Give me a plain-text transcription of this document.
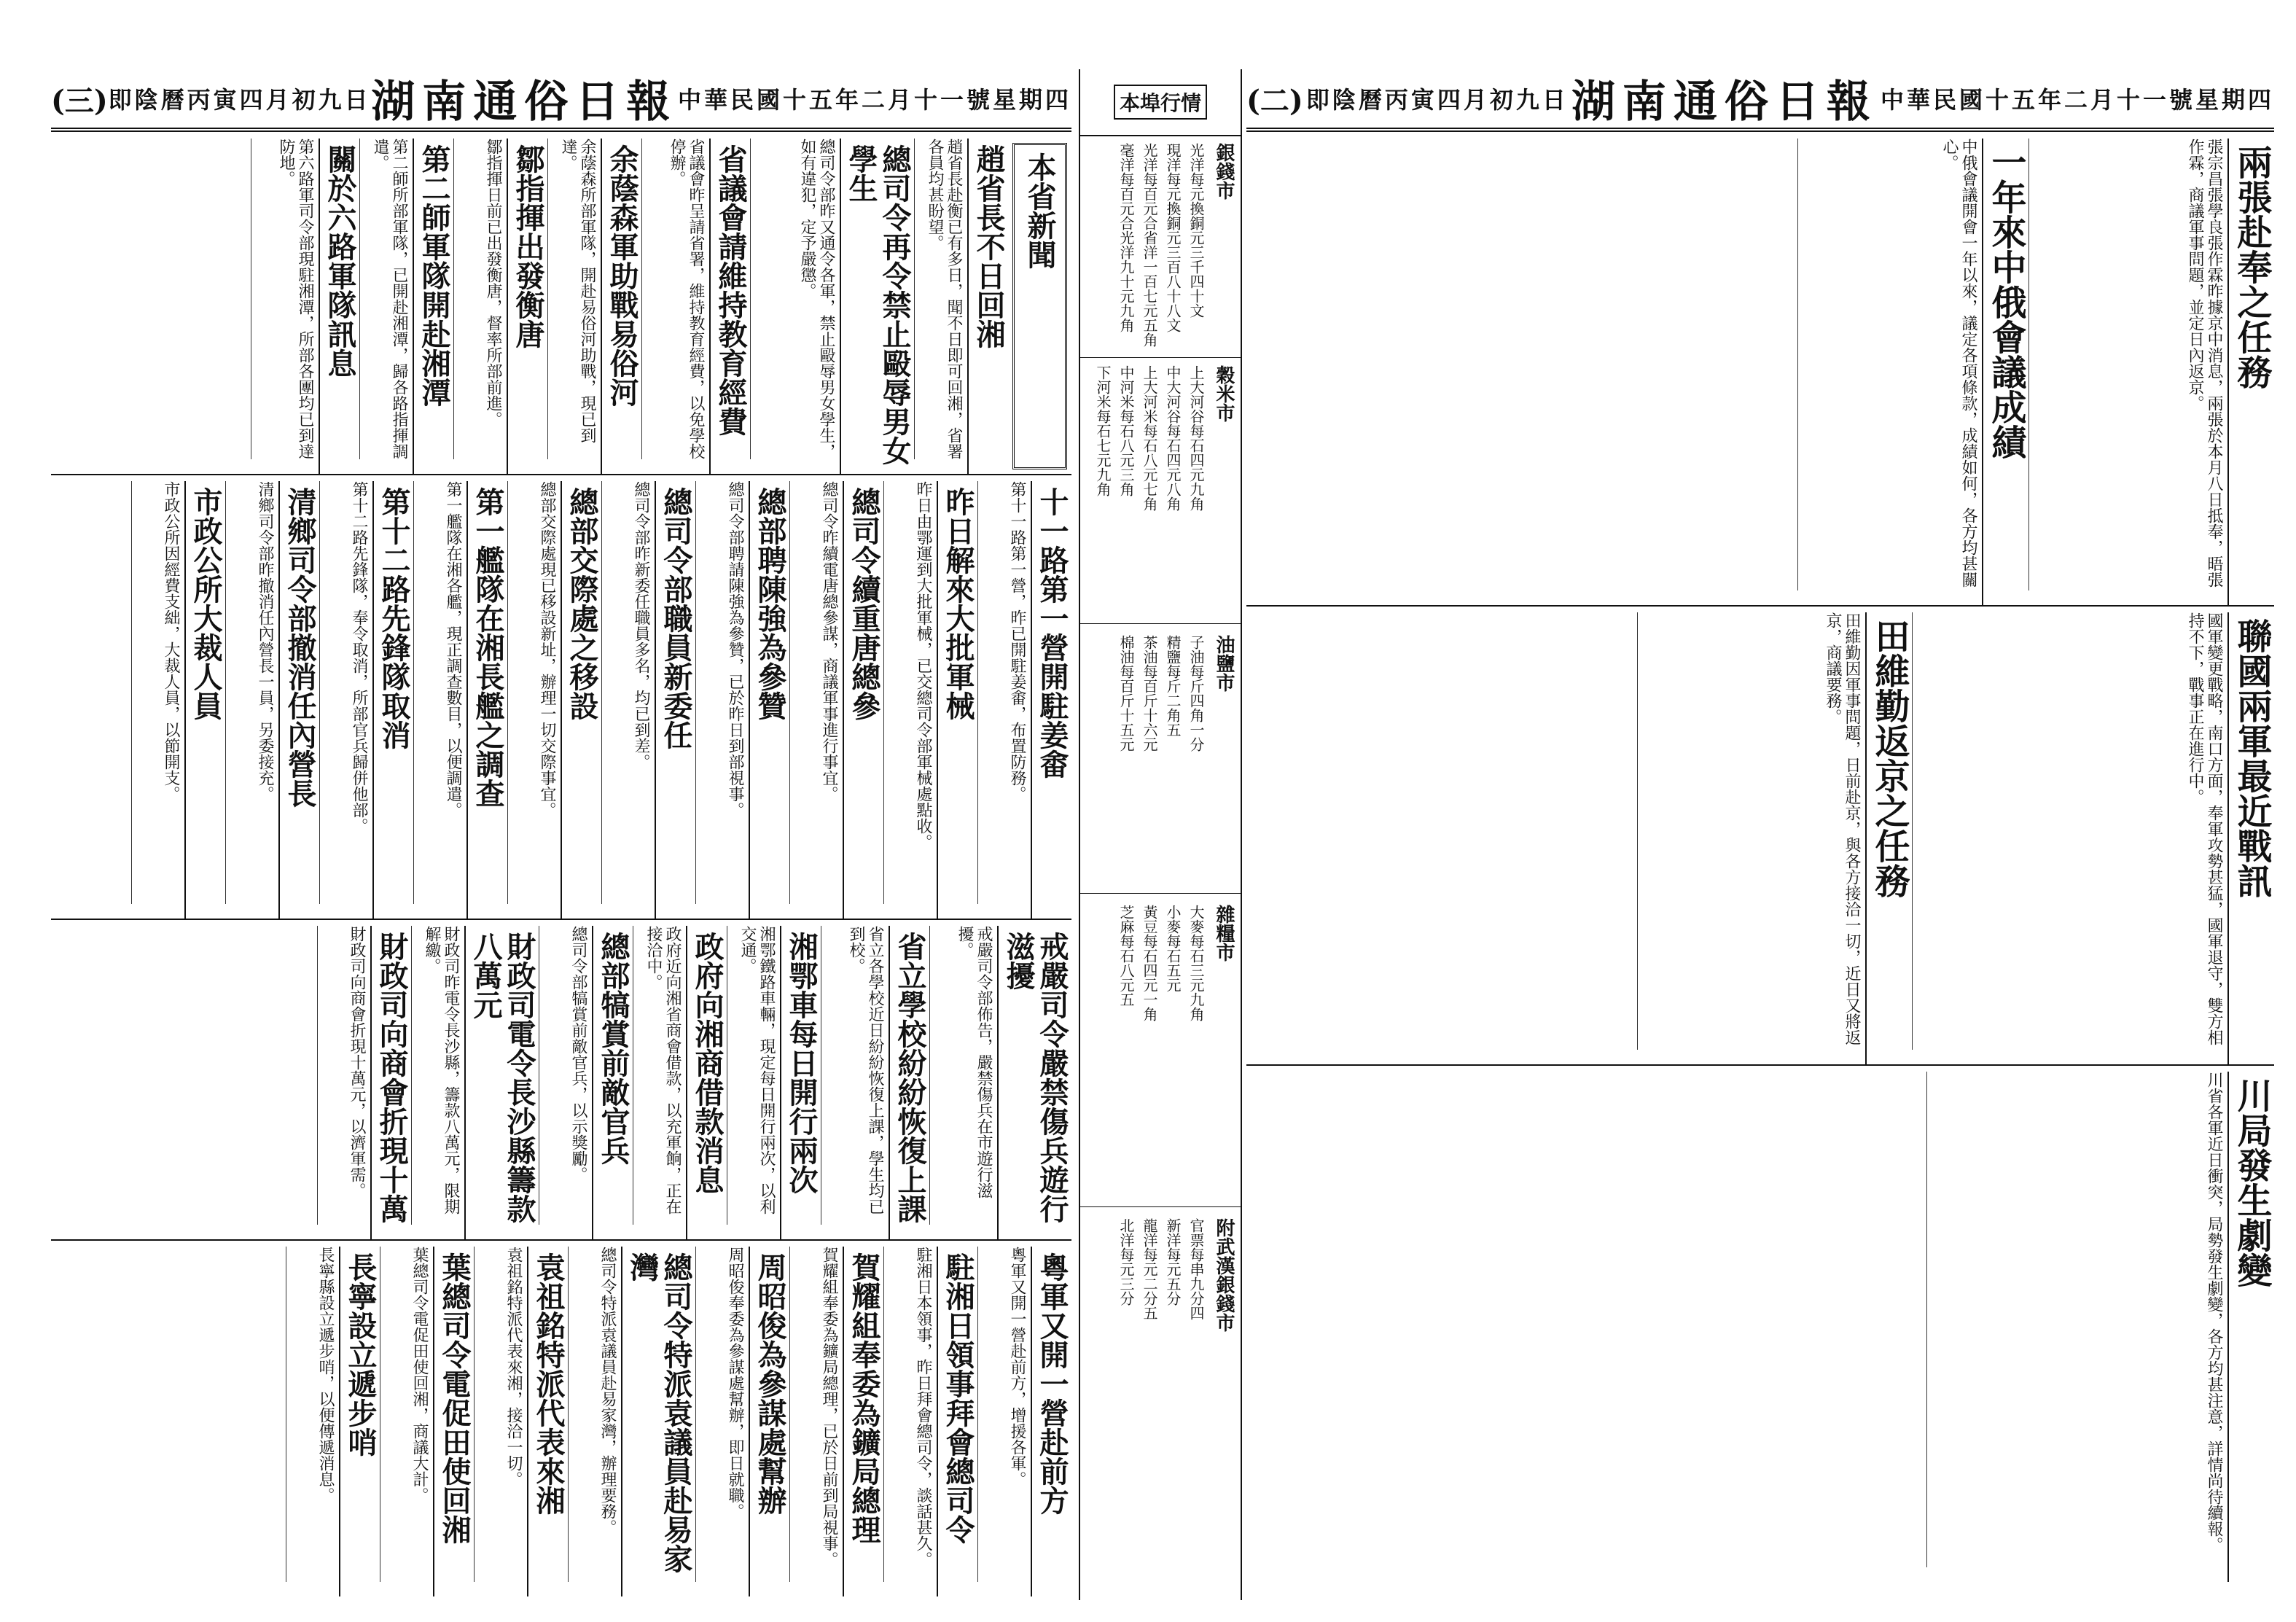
中華民國十五年二月十一號星期四
湖南通俗日報
即陰曆丙寅四月初九日
(二)
兩張赴奉之任務
張宗昌張學良張作霖昨據京中消息，兩張於本月八日抵奉，晤張作霖，商議軍事問題，並定日內返京。
一年來中俄會議成績
中俄會議開會一年以來，議定各項條款，成績如何，各方均甚關心。
聯國兩軍最近戰訊
國軍變更戰略，南口方面，奉軍攻勢甚猛，國軍退守，雙方相持不下，戰事正在進行中。
田維勤返京之任務
田維勤因軍事問題，日前赴京，與各方接洽一切，近日又將返京，商議要務。
川局發生劇變
川省各軍近日衝突，局勢發生劇變，各方均甚注意，詳情尚待續報。
本埠行情
銀錢市
光洋每元換銅元三千四十文
現洋每元換銅元三百八十八文
光洋每百元合省洋一百七元五角
毫洋每百元合光洋九十元九角
穀米市
上大河谷每石四元九角
中大河谷每石四元八角
上大河米每石八元七角
中河米每石八元三角
下河米每石七元九角
油鹽市
子油每斤四角一分
精鹽每斤二角五
茶油每百斤十六元
棉油每百斤十五元
雜糧市
大麥每石三元九角
小麥每石五元
黃豆每石四元一角
芝麻每石八元五
附武漢銀錢市
官票每串九分四
新洋每元五分
龍洋每元二分五
北洋每元三分
中華民國十五年二月十一號星期四
湖南通俗日報
即陰曆丙寅四月初九日
(三)
本省新聞
趙省長不日回湘
趙省長赴衡已有多日，聞不日即可回湘，省署各員均甚盼望。
總司令再令禁止毆辱男女學生
總司令部昨又通令各軍，禁止毆辱男女學生，如有違犯，定予嚴懲。
省議會請維持教育經費
省議會昨呈請省署，維持教育經費，以免學校停辦。
余蔭森軍助戰易俗河
余蔭森所部軍隊，開赴易俗河助戰，現已到達。
鄒指揮出發衡唐
鄒指揮日前已出發衡唐，督率所部前進。
第二師軍隊開赴湘潭
第二師所部軍隊，已開赴湘潭，歸各路指揮調遣。
關於六路軍隊訊息
第六路軍司令部現駐湘潭，所部各團均已到達防地。
十一路第一營開駐姜畬
第十一路第一營，昨已開駐姜畬，布置防務。
昨日解來大批軍械
昨日由鄂運到大批軍械，已交總司令部軍械處點收。
總司令續重唐總參
總司令昨續電唐總參謀，商議軍事進行事宜。
總部聘陳強為參贊
總司令部聘請陳強為參贊，已於昨日到部視事。
總司令部職員新委任
總司令部昨新委任職員多名，均已到差。
總部交際處之移設
總部交際處現已移設新址，辦理一切交際事宜。
第一艦隊在湘長艦之調查
第一艦隊在湘各艦，現正調查數目，以便調遣。
第十二路先鋒隊取消
第十二路先鋒隊，奉令取消，所部官兵歸併他部。
清鄉司令部撤消任內營長
清鄉司令部昨撤消任內營長一員，另委接充。
市政公所大裁人員
市政公所因經費支絀，大裁人員，以節開支。
戒嚴司令嚴禁傷兵遊行滋擾
戒嚴司令部佈告，嚴禁傷兵在市遊行滋擾。
省立學校紛紛恢復上課
省立各學校近日紛紛恢復上課，學生均已到校。
湘鄂車每日開行兩次
湘鄂鐵路車輛，現定每日開行兩次，以利交通。
政府向湘商借款消息
政府近向湘省商會借款，以充軍餉，正在接洽中。
總部犒賞前敵官兵
總司令部犒賞前敵官兵，以示獎勵。
財政司電令長沙縣籌款八萬元
財政司昨電令長沙縣，籌款八萬元，限期解繳。
財政司向商會折現十萬
財政司向商會折現十萬元，以濟軍需。
粵軍又開一營赴前方
粵軍又開一營赴前方，增援各軍。
駐湘日領事拜會總司令
駐湘日本領事，昨日拜會總司令，談話甚久。
賀耀組奉委為鑛局總理
賀耀組奉委為鑛局總理，已於日前到局視事。
周昭俊為參謀處幫辦
周昭俊奉委為參謀處幫辦，即日就職。
總司令特派袁議員赴易家灣
總司令特派袁議員赴易家灣，辦理要務。
袁祖銘特派代表來湘
袁祖銘特派代表來湘，接洽一切。
葉總司令電促田使回湘
葉總司令電促田使回湘，商議大計。
長寧設立遞步哨
長寧縣設立遞步哨，以便傳遞消息。
